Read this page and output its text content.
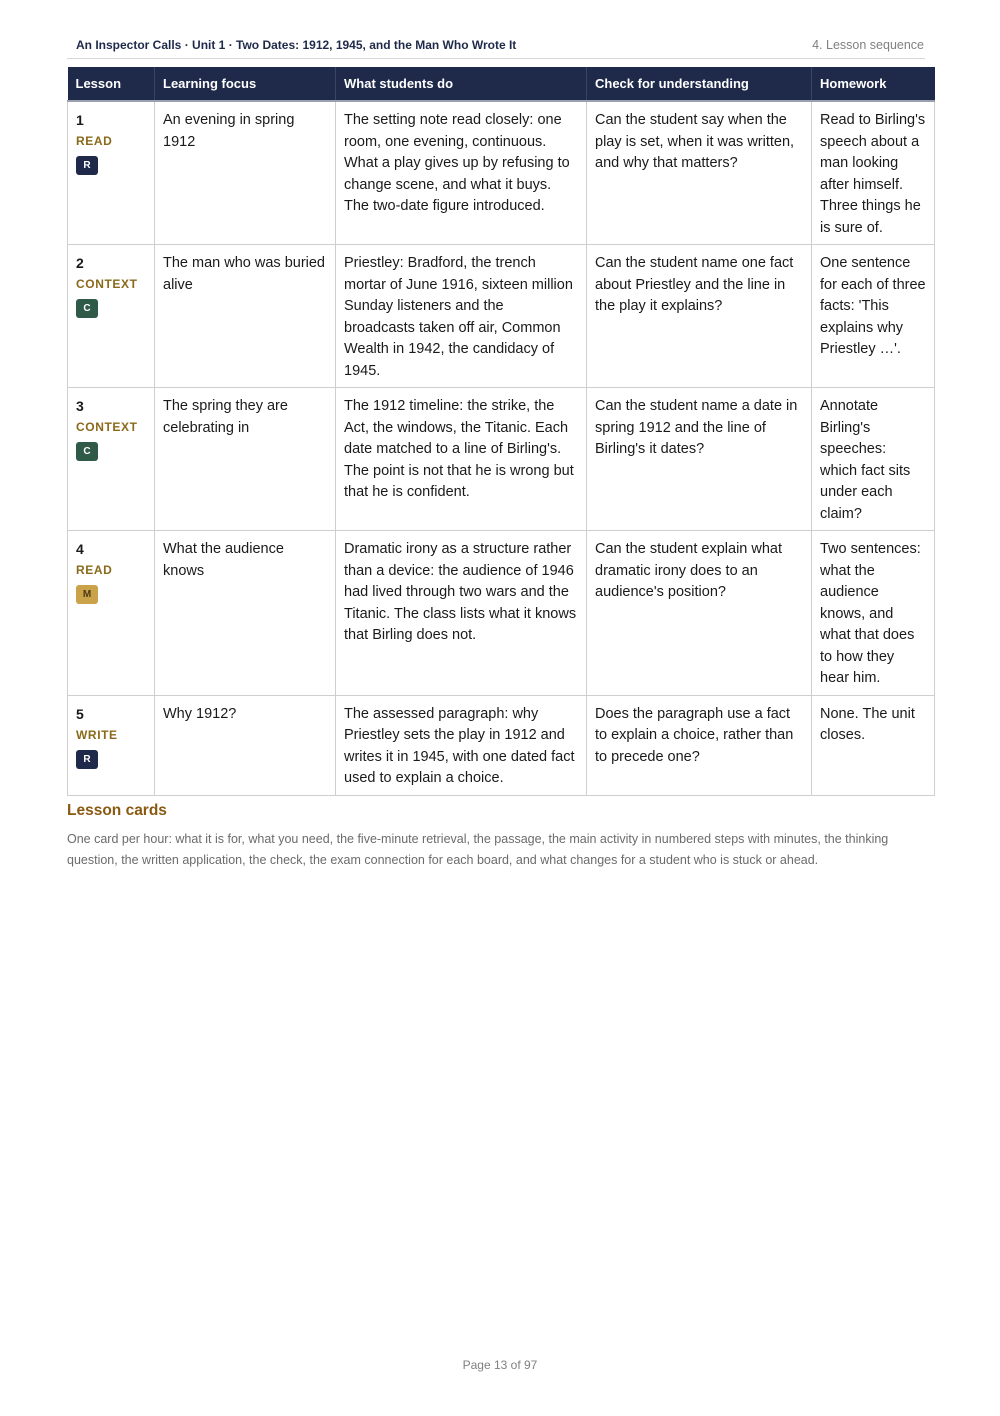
An Inspector Calls · Unit 1 · Two Dates: 1912, 1945, and the Man Who Wrote It	4. Lesson sequence
Lesson	Learning focus	What students do	Check for understanding	Homework

1
READ
R	An evening in spring 1912	The setting note read closely: one room, one evening, continuous. What a play gives up by refusing to change scene, and what it buys. The two-date figure introduced.	Can the student say when the play is set, when it was written, and why that matters?	Read to Birling's speech about a man looking after himself. Three things he is sure of.

2
CONTEXT
C	The man who was buried alive	Priestley: Bradford, the trench mortar of June 1916, sixteen million Sunday listeners and the broadcasts taken off air, Common Wealth in 1942, the candidacy of 1945.	Can the student name one fact about Priestley and the line in the play it explains?	One sentence for each of three facts: 'This explains why Priestley …'.

3
CONTEXT
C	The spring they are celebrating in	The 1912 timeline: the strike, the Act, the windows, the Titanic. Each date matched to a line of Birling's. The point is not that he is wrong but that he is confident.	Can the student name a date in spring 1912 and the line of Birling's it dates?	Annotate Birling's speeches: which fact sits under each claim?

4
READ
M	What the audience knows	Dramatic irony as a structure rather than a device: the audience of 1946 had lived through two wars and the Titanic. The class lists what it knows that Birling does not.	Can the student explain what dramatic irony does to an audience's position?	Two sentences: what the audience knows, and what that does to how they hear him.

5
WRITE
R	Why 1912?	The assessed paragraph: why Priestley sets the play in 1912 and writes it in 1945, with one dated fact used to explain a choice.	Does the paragraph use a fact to explain a choice, rather than to precede one?	None. The unit closes.
Lesson cards
One card per hour: what it is for, what you need, the five-minute retrieval, the passage, the main activity in numbered steps with minutes, the thinking question, the written application, the check, the exam connection for each board, and what changes for a student who is stuck or ahead.
Page 13 of 97
